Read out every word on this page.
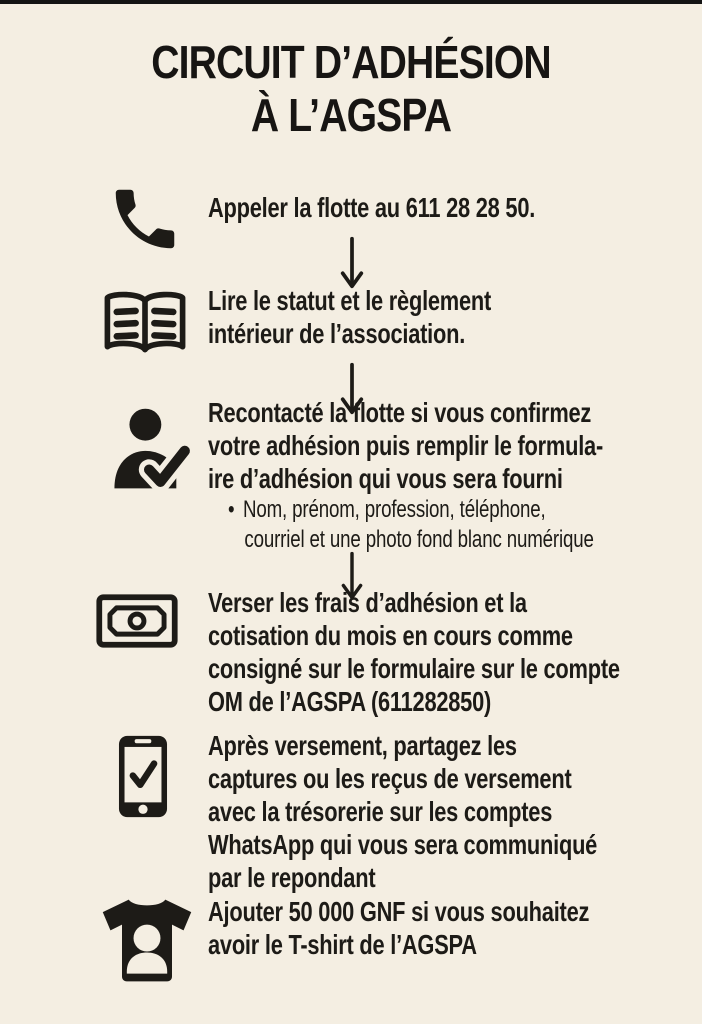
CIRCUIT D’ADHÉSION
À L’AGSPA
Appeler la flotte au 611 28 28 50.
Lire le statut et le règlement
intérieur de l’association.
Recontacté la flotte si vous confirmez
votre adhésion puis remplir le formula-
ire d’adhésion qui vous sera fourni
• Nom, prénom, profession, téléphone,
courriel et une photo fond blanc numérique
Verser les frais d’adhésion et la
cotisation du mois en cours comme
consigné sur le formulaire sur le compte
OM de l’AGSPA (611282850)
Après versement, partagez les
captures ou les reçus de versement
avec la trésorerie sur les comptes
WhatsApp qui vous sera communiqué
par le repondant
Ajouter 50 000 GNF si vous souhaitez
avoir le T-shirt de l’AGSPA
